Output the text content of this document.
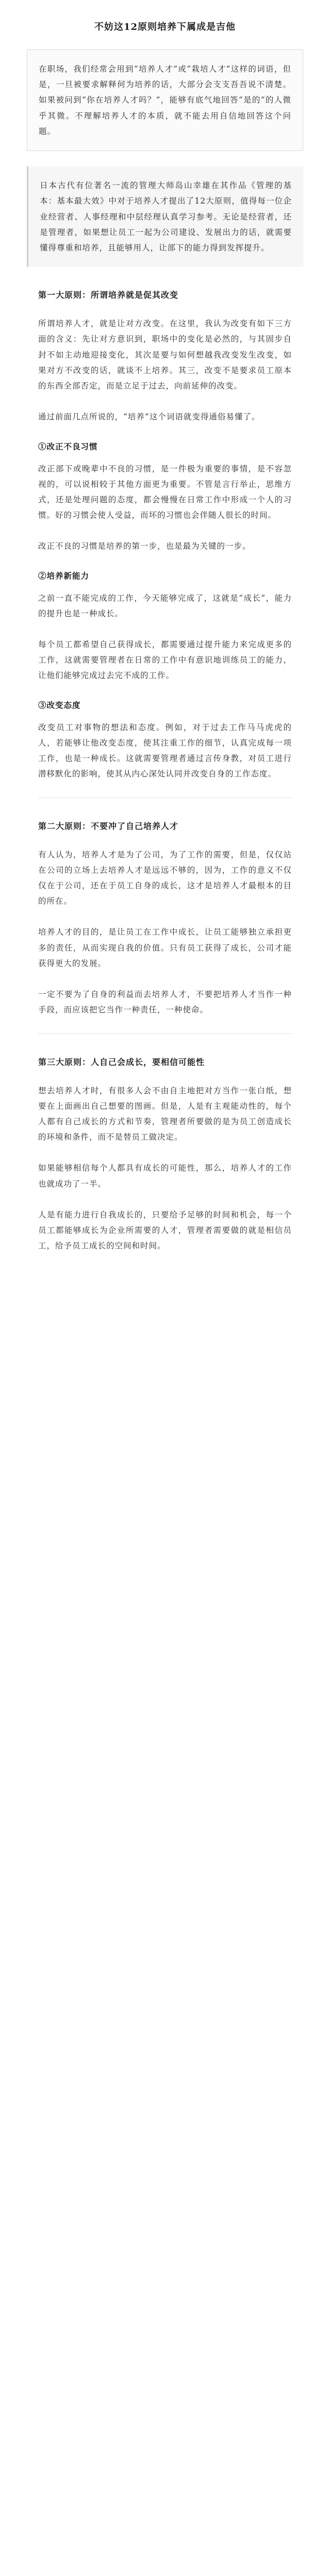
不妨这12原则培养下属成是吉他
在职场，我们经常会用到“培养人才”或“栽培人才”这样的词语，但是，一旦被要求解释何为培养的话，大部分会支支吾吾说不清楚。如果被问到“你在培养人才吗？”，能够有底气地回答“是的”的人微乎其微。不理解培养人才的本质，就不能去用自信地回答这个问题。
日本古代有位著名一流的管理大师岛山幸雄在其作品《管理的基本：基本最大效》中对于培养人才提出了12大原则，值得每一位企业经营者、人事经理和中层经理认真学习参考。无论是经营者，还是管理者，如果想让员工一起为公司建设、发展出力的话，就需要懂得尊重和培养，且能够用人，让部下的能力得到发挥提升。
第一大原则：所谓培养就是促其改变
所谓培养人才，就是让对方改变。在这里，我认为改变有如下三方面的含义：先让对方意识到，职场中的变化是必然的，与其固步自封不如主动地迎接变化，其次是要与如何想越我改变发生改变，如果对方不改变的话，就谈不上培养。其三，改变不是要求员工原本的东西全部否定，而是立足于过去，向前延伸的改变。
通过前面几点所说的，“培养”这个词语就变得通俗易懂了。
①改正不良习惯
改正部下或晚辈中不良的习惯，是一件极为重要的事情，是不容忽视的，可以说相较于其他方面更为重要。不管是言行举止，思维方式，还是处理问题的态度，都会慢慢在日常工作中形成一个人的习惯。好的习惯会使人受益，而坏的习惯也会伴随人很长的时间。
改正不良的习惯是培养的第一步，也是最为关键的一步。
②培养新能力
之前一直不能完成的工作，今天能够完成了，这就是“成长”，能力的提升也是一种成长。
每个员工都希望自己获得成长，都需要通过提升能力来完成更多的工作，这就需要管理者在日常的工作中有意识地训练员工的能力，让他们能够完成过去完不成的工作。
③改变态度
改变员工对事物的想法和态度。例如，对于过去工作马马虎虎的人，若能够让他改变态度，使其注重工作的细节，认真完成每一项工作，也是一种成长。这就需要管理者通过言传身教，对员工进行潜移默化的影响，使其从内心深处认同并改变自身的工作态度。
第二大原则：不要冲了自己培养人才
有人认为，培养人才是为了公司，为了工作的需要，但是，仅仅站在公司的立场上去培养人才是远远不够的，因为，工作的意义不仅仅在于公司，还在于员工自身的成长，这才是培养人才最根本的目的所在。
培养人才的目的，是让员工在工作中成长，让员工能够独立承担更多的责任，从而实现自我的价值。只有员工获得了成长，公司才能获得更大的发展。
一定不要为了自身的利益而去培养人才，不要把培养人才当作一种手段，而应该把它当作一种责任，一种使命。
第三大原则：人自己会成长，要相信可能性
想去培养人才时，有很多人会不由自主地把对方当作一张白纸，想要在上面画出自己想要的图画。但是，人是有主观能动性的，每个人都有自己成长的方式和节奏，管理者所要做的是为员工创造成长的环境和条件，而不是替员工做决定。
如果能够相信每个人都具有成长的可能性，那么，培养人才的工作也就成功了一半。
人是有能力进行自我成长的，只要给予足够的时间和机会，每一个员工都能够成长为企业所需要的人才，管理者需要做的就是相信员工，给予员工成长的空间和时间。
